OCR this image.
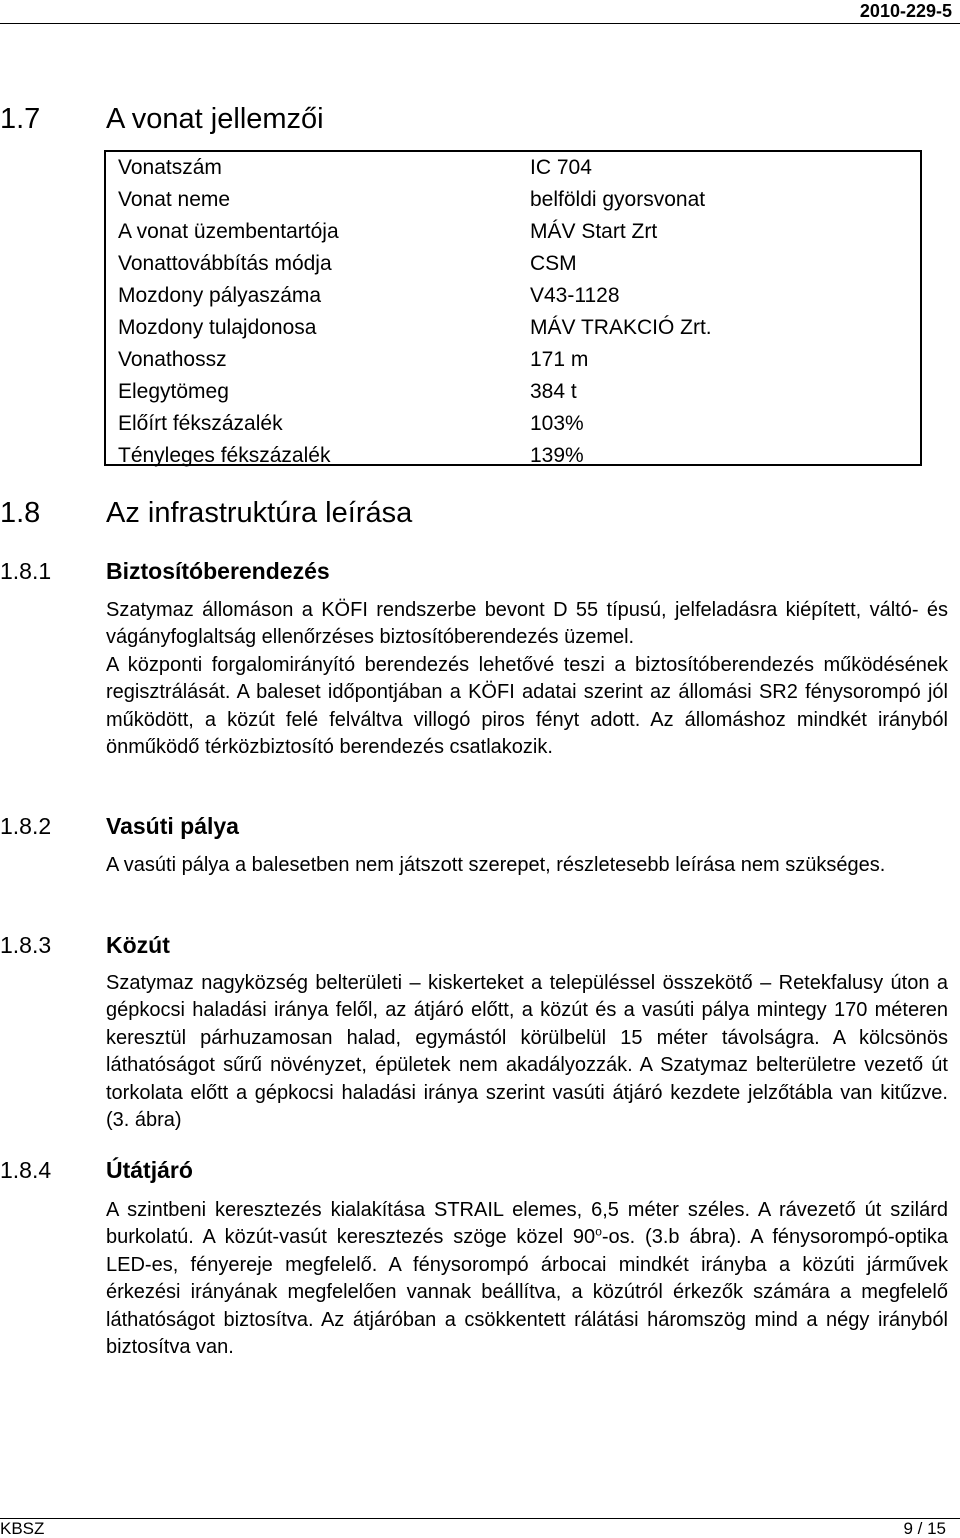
2010-229-5
1.7 A vonat jellemzői
Vonatszám	IC 704
Vonat neme	belföldi gyorsvonat
A vonat üzembentartója	MÁV Start Zrt
Vonattovábbítás módja	CSM
Mozdony pályaszáma	V43-1128
Mozdony tulajdonosa	MÁV TRAKCIÓ Zrt.
Vonathossz	171 m
Elegytömeg	384 t
Előírt fékszázalék	103%
Tényleges fékszázalék	139%
1.8 Az infrastruktúra leírása
1.8.1 Biztosítóberendezés

Szatymaz állomáson a KÖFI rendszerbe bevont D 55 típusú, jelfeladásra kiépített, váltó- és vágányfoglaltság ellenőrzéses biztosítóberendezés üzemel.

A központi forgalomirányító berendezés lehetővé teszi a biztosítóberendezés működésének regisztrálását. A baleset időpontjában a KÖFI adatai szerint az állomási SR2 fénysorompó jól működött, a közút felé felváltva villogó piros fényt adott. Az állomáshoz mindkét irányból önműködő térközbiztosító berendezés csatlakozik.

1.8.2 Vasúti pálya

A vasúti pálya a balesetben nem játszott szerepet, részletesebb leírása nem szükséges.

1.8.3 Közút

Szatymaz nagyközség belterületi – kiskerteket a településsel összekötő – Retekfalusy úton a gépkocsi haladási iránya felől, az átjáró előtt, a közút és a vasúti pálya mintegy 170 méteren keresztül párhuzamosan halad, egymástól körülbelül 15 méter távolságra. A kölcsönös láthatóságot sűrű növényzet, épületek nem akadályozzák. A Szatymaz belterületre vezető út torkolata előtt a gépkocsi haladási iránya szerint vasúti átjáró kezdete jelzőtábla van kitűzve. (3. ábra)

1.8.4 Útátjáró

A szintbeni keresztezés kialakítása STRAIL elemes, 6,5 méter széles. A rávezető út szilárd burkolatú. A közút-vasút keresztezés szöge közel 90$^o$-os. (3.b ábra). A fénysorompó-optika LED-es, fényereje megfelelő. A fénysorompó árbocai mindkét irányba a közúti járművek érkezési irányának megfelelően vannak beállítva, a közútról érkezők számára a megfelelő láthatóságot biztosítva. Az átjáróban a csökkentett rálátási háromszög mind a négy irányból biztosítva van.

KBSZ	9 / 15
